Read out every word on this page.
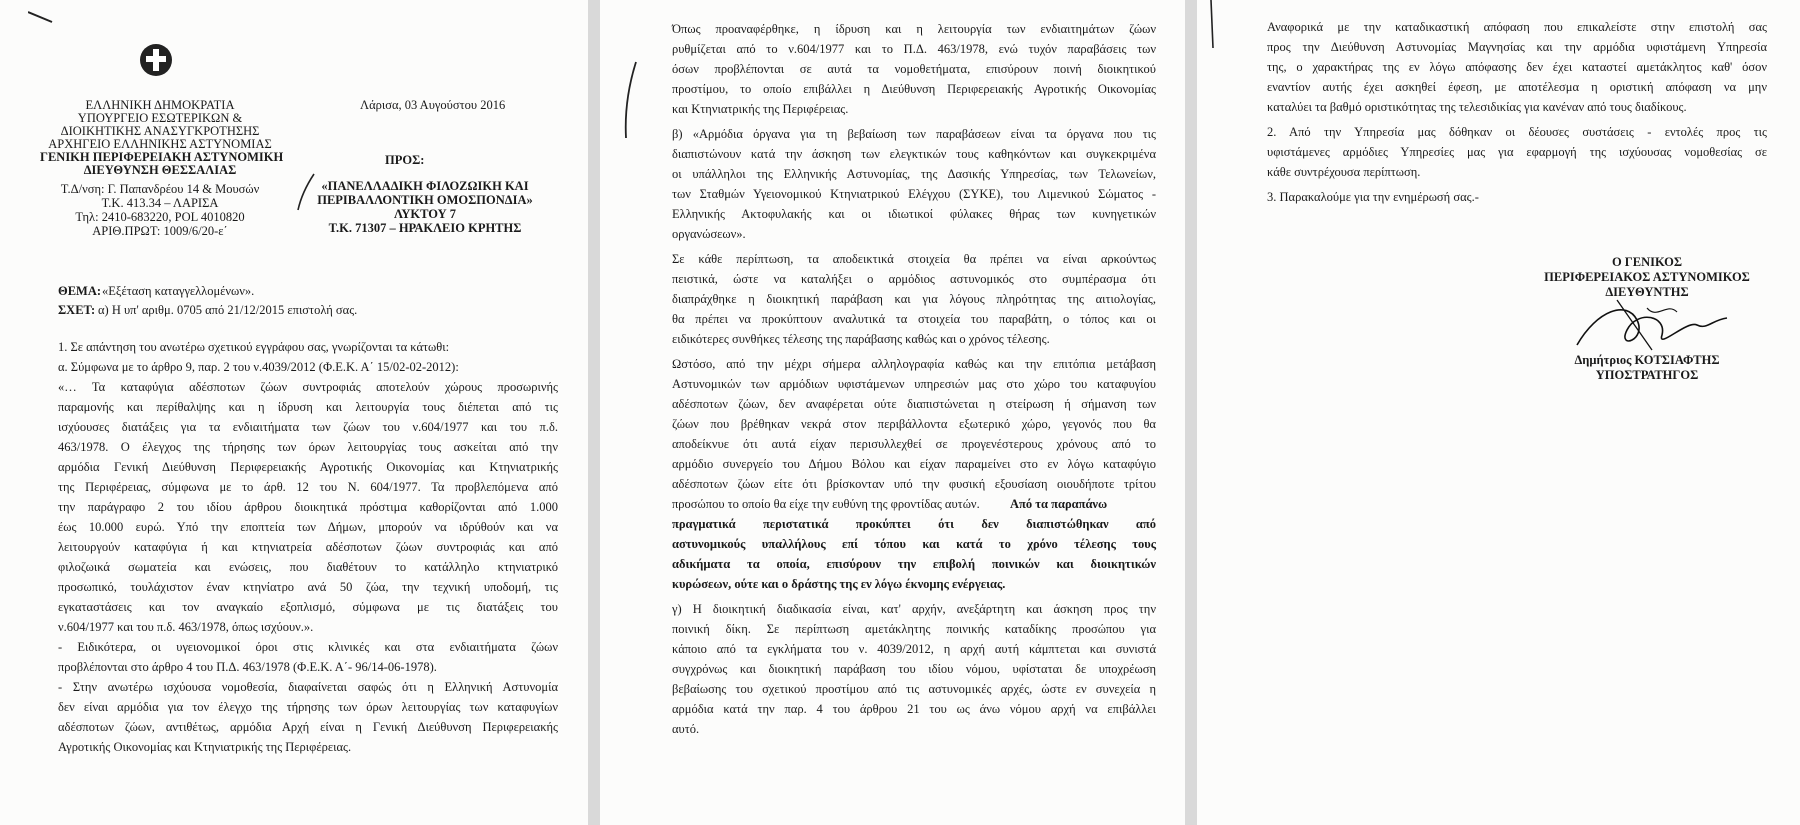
ΕΛΛΗΝΙΚΗ ΔΗΜΟΚΡΑΤΙΑ
ΥΠΟΥΡΓΕΙΟ ΕΣΩΤΕΡΙΚΩΝ &
ΔΙΟΙΚΗΤΙΚΗΣ ΑΝΑΣΥΓΚΡΟΤΗΣΗΣ
ΑΡΧΗΓΕΙΟ ΕΛΛΗΝΙΚΗΣ ΑΣΤΥΝΟΜΙΑΣ
ΓΕΝΙΚΗ ΠΕΡΙΦΕΡΕΙΑΚΗ ΑΣΤΥΝΟΜΙΚΗ
ΔΙΕΥΘΥΝΣΗ ΘΕΣΣΑΛΙΑΣ
Τ.Δ/νση: Γ. Παπανδρέου 14 & Μουσών
Τ.Κ. 413.34 – ΛΑΡΙΣΑ
Τηλ: 2410-683220, POL 4010820
ΑΡΙΘ.ΠΡΩΤ: 1009/6/20-ε΄
Λάρισα, 03 Αυγούστου 2016
ΠΡΟΣ:
«ΠΑΝΕΛΛΑΔΙΚΗ ΦΙΛΟΖΩΙΚΗ ΚΑΙ
ΠΕΡΙΒΑΛΛΟΝΤΙΚΗ ΟΜΟΣΠΟΝΔΙΑ»
ΛΥΚΤΟΥ 7
Τ.Κ. 71307 – ΗΡΑΚΛΕΙΟ ΚΡΗΤΗΣ
ΘΕΜΑ: «Εξέταση καταγγελλομένων».
ΣΧΕΤ: α) Η υπ' αριθμ. 0705 από 21/12/2015 επιστολή σας.
1. Σε απάντηση του ανωτέρω σχετικού εγγράφου σας, γνωρίζονται τα κάτωθι:
α. Σύμφωνα με το άρθρο 9, παρ. 2 του ν.4039/2012 (Φ.Ε.Κ. Α΄ 15/02-02-2012):
«… Τα καταφύγια αδέσποτων ζώων συντροφιάς αποτελούν χώρους προσωρινής
παραμονής και περίθαλψης και η ίδρυση και λειτουργία τους διέπεται από τις
ισχύουσες διατάξεις για τα ενδιαιτήματα των ζώων του ν.604/1977 και του π.δ.
463/1978. Ο έλεγχος της τήρησης των όρων λειτουργίας τους ασκείται από την
αρμόδια Γενική Διεύθυνση Περιφερειακής Αγροτικής Οικονομίας και Κτηνιατρικής
της Περιφέρειας, σύμφωνα με το άρθ. 12 του Ν. 604/1977. Τα προβλεπόμενα από
την παράγραφο 2 του ιδίου άρθρου διοικητικά πρόστιμα καθορίζονται από 1.000
έως 10.000 ευρώ. Υπό την εποπτεία των Δήμων, μπορούν να ιδρύθούν και να
λειτουργούν καταφύγια ή και κτηνιατρεία αδέσποτων ζώων συντροφιάς και από
φιλοζωικά σωματεία και ενώσεις, που διαθέτουν το κατάλληλο κτηνιατρικό
προσωπικό, τουλάχιστον έναν κτηνίατρο ανά 50 ζώα, την τεχνική υποδομή, τις
εγκαταστάσεις και τον αναγκαίο εξοπλισμό, σύμφωνα με τις διατάξεις του
ν.604/1977 και του π.δ. 463/1978, όπως ισχύουν.».
- Ειδικότερα, οι υγειονομικοί όροι στις κλινικές και στα ενδιαιτήματα ζώων
προβλέπονται στο άρθρο 4 του Π.Δ. 463/1978 (Φ.Ε.Κ. Α΄- 96/14-06-1978).
- Στην ανωτέρω ισχύουσα νομοθεσία, διαφαίνεται σαφώς ότι η Ελληνική Αστυνομία
δεν είναι αρμόδια για τον έλεγχο της τήρησης των όρων λειτουργίας των καταφυγίων
αδέσποτων ζώων, αντιθέτως, αρμόδια Αρχή είναι η Γενική Διεύθυνση Περιφερειακής
Αγροτικής Οικονομίας και Κτηνιατρικής της Περιφέρειας.
Όπως προαναφέρθηκε, η ίδρυση και η λειτουργία των ενδιαιτημάτων ζώων
ρυθμίζεται από το ν.604/1977 και το Π.Δ. 463/1978, ενώ τυχόν παραβάσεις των
όσων προβλέπονται σε αυτά τα νομοθετήματα, επισύρουν ποινή διοικητικού
προστίμου, το οποίο επιβάλλει η Διεύθυνση Περιφερειακής Αγροτικής Οικονομίας
και Κτηνιατρικής της Περιφέρειας.
β) «Αρμόδια όργανα για τη βεβαίωση των παραβάσεων είναι τα όργανα που τις
διαπιστώνουν κατά την άσκηση των ελεγκτικών τους καθηκόντων και συγκεκριμένα
οι υπάλληλοι της Ελληνικής Αστυνομίας, της Δασικής Υπηρεσίας, των Τελωνείων,
των Σταθμών Υγειονομικού Κτηνιατρικού Ελέγχου (ΣΥΚΕ), του Λιμενικού Σώματος -
Ελληνικής Ακτοφυλακής και οι ιδιωτικοί φύλακες θήρας των κυνηγετικών
οργανώσεων».
Σε κάθε περίπτωση, τα αποδεικτικά στοιχεία θα πρέπει να είναι αρκούντως
πειστικά, ώστε να καταλήξει ο αρμόδιος αστυνομικός στο συμπέρασμα ότι
διαπράχθηκε η διοικητική παράβαση και για λόγους πληρότητας της αιτιολογίας,
θα πρέπει να προκύπτουν αναλυτικά τα στοιχεία του παραβάτη, ο τόπος και οι
ειδικότερες συνθήκες τέλεσης της παράβασης καθώς και ο χρόνος τέλεσης.
Ωστόσο, από την μέχρι σήμερα αλληλογραφία καθώς και την επιτόπια μετάβαση
Αστυνομικών των αρμόδιων υφιστάμενων υπηρεσιών μας στο χώρο του καταφυγίου
αδέσποτων ζώων, δεν αναφέρεται ούτε διαπιστώνεται η στείρωση ή σήμανση των
ζώων που βρέθηκαν νεκρά στον περιβάλλοντα εξωτερικό χώρο, γεγονός που θα
αποδείκνυε ότι αυτά είχαν περισυλλεχθεί σε προγενέστερους χρόνους από το
αρμόδιο συνεργείο του Δήμου Βόλου και είχαν παραμείνει στο εν λόγω καταφύγιο
αδέσποτων ζώων είτε ότι βρίσκονταν υπό την φυσική εξουσίαση οιουδήποτε τρίτου
προσώπου το οποίο θα είχε την ευθύνη της φροντίδας αυτών. Από τα παραπάνω
πραγματικά περιστατικά προκύπτει ότι δεν διαπιστώθηκαν από
αστυνομικούς υπαλλήλους επί τόπου και κατά το χρόνο τέλεσης τους
αδικήματα τα οποία, επισύρουν την επιβολή ποινικών και διοικητικών
κυρώσεων, ούτε και ο δράστης της εν λόγω έκνομης ενέργειας.
γ) Η διοικητική διαδικασία είναι, κατ' αρχήν, ανεξάρτητη και άσκηση προς την
ποινική δίκη. Σε περίπτωση αμετάκλητης ποινικής καταδίκης προσώπου για
κάποιο από τα εγκλήματα του ν. 4039/2012, η αρχή αυτή κάμπτεται και συνιστά
συγχρόνως και διοικητική παράβαση του ιδίου νόμου, υφίσταται δε υποχρέωση
βεβαίωσης του σχετικού προστίμου από τις αστυνομικές αρχές, ώστε εν συνεχεία η
αρμόδια κατά την παρ. 4 του άρθρου 21 του ως άνω νόμου αρχή να επιβάλλει
αυτό.
Αναφορικά με την καταδικαστική απόφαση που επικαλείστε στην επιστολή σας
προς την Διεύθυνση Αστυνομίας Μαγνησίας και την αρμόδια υφιστάμενη Υπηρεσία
της, ο χαρακτήρας της εν λόγω απόφασης δεν έχει καταστεί αμετάκλητος καθ' όσον
εναντίον αυτής έχει ασκηθεί έφεση, με αποτέλεσμα η οριστική απόφαση να μην
καταλύει τα βαθμό οριστικότητας της τελεσιδικίας για κανέναν από τους διαδίκους.
2. Από την Υπηρεσία μας δόθηκαν οι δέουσες συστάσεις - εντολές προς τις
υφιστάμενες αρμόδιες Υπηρεσίες μας για εφαρμογή της ισχύουσας νομοθεσίας σε
κάθε συντρέχουσα περίπτωση.
3. Παρακαλούμε για την ενημέρωσή σας.-
Ο ΓΕΝΙΚΟΣ
ΠΕΡΙΦΕΡΕΙΑΚΟΣ ΑΣΤΥΝΟΜΙΚΟΣ
ΔΙΕΥΘΥΝΤΗΣ
Δημήτριος ΚΟΤΣΙΑΦΤΗΣ
ΥΠΟΣΤΡΑΤΗΓΟΣ
